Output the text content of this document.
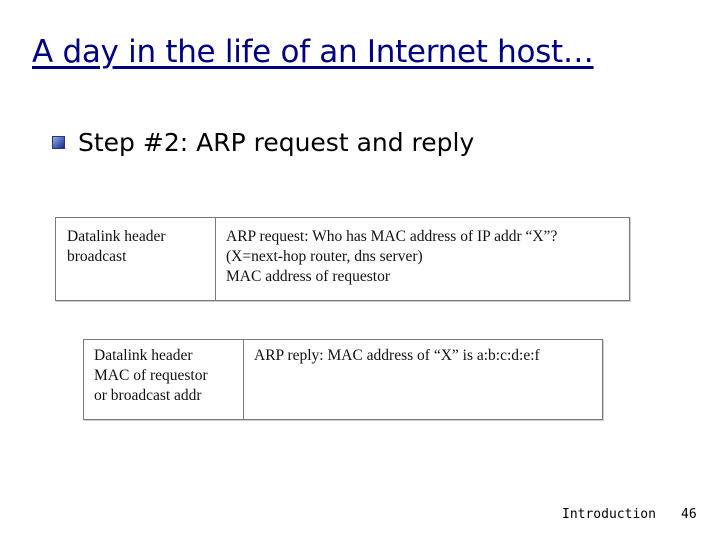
A day in the life of an Internet host…
Step #2: ARP request and reply
Datalink header
broadcast
ARP request: Who has MAC address of IP addr “X”?
(X=next-hop router, dns server)
MAC address of requestor
Datalink header
MAC of requestor
or broadcast addr
ARP reply: MAC address of “X” is a:b:c:d:e:f
Introduction 46
